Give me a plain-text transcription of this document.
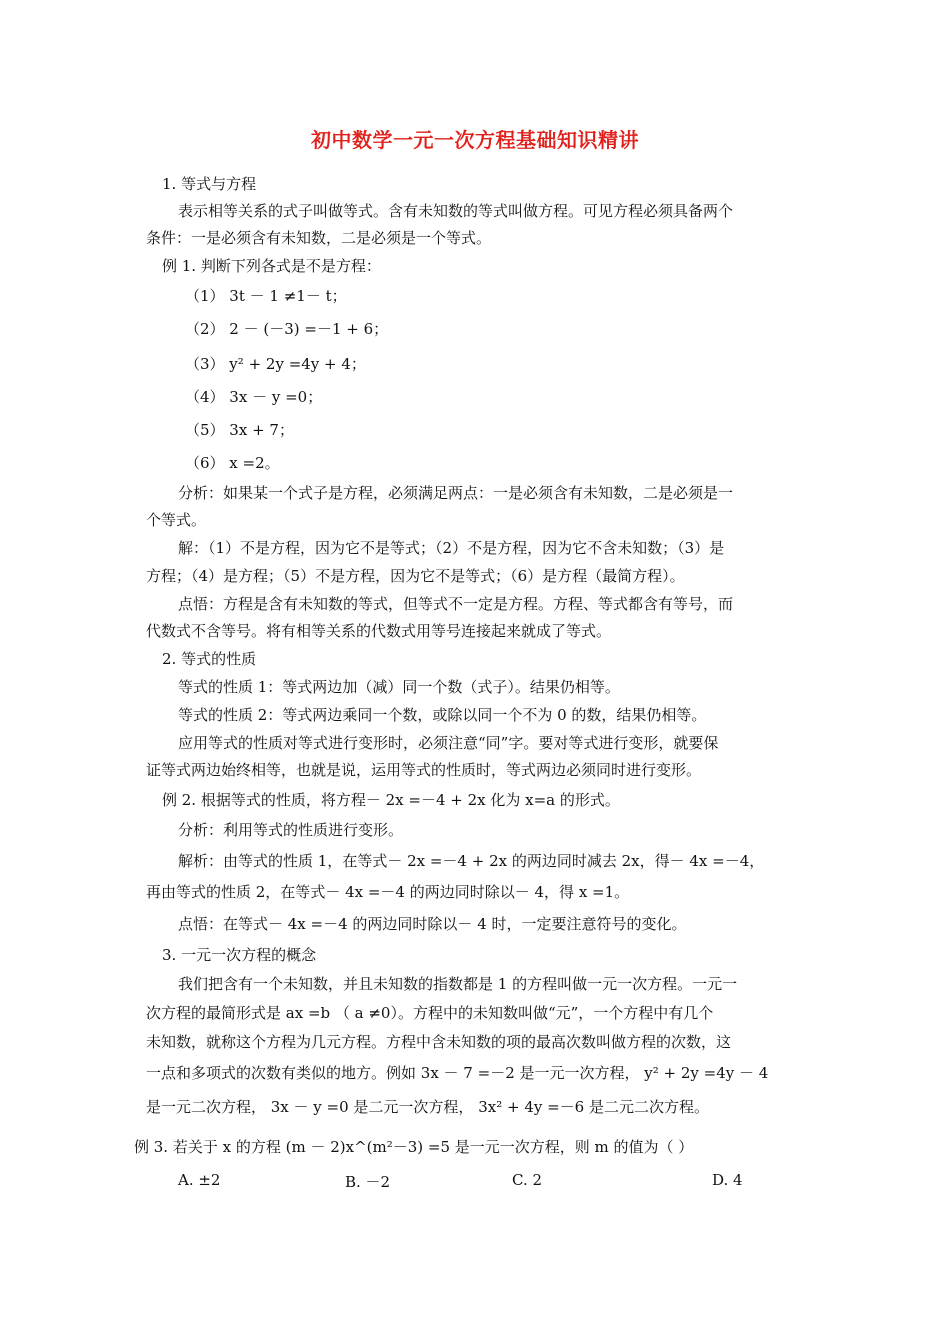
初中数学一元一次方程基础知识精讲
1. 等式与方程
表示相等关系的式子叫做等式。含有未知数的等式叫做方程。可见方程必须具备两个
条件：一是必须含有未知数，二是必须是一个等式。
例 1. 判断下列各式是不是方程：
（1） 3t － 1 ≠1－ t；
（2） 2 － (－3) =－1 + 6；
（3） y² + 2y =4y + 4；
（4） 3x － y =0；
（5） 3x + 7；
（6） x =2。
分析：如果某一个式子是方程，必须满足两点：一是必须含有未知数，二是必须是一
个等式。
解：（1）不是方程，因为它不是等式；（2）不是方程，因为它不含未知数；（3）是
方程；（4）是方程；（5）不是方程，因为它不是等式；（6）是方程（最简方程）。
点悟：方程是含有未知数的等式，但等式不一定是方程。方程、等式都含有等号，而
代数式不含等号。将有相等关系的代数式用等号连接起来就成了等式。
2. 等式的性质
等式的性质 1：等式两边加（减）同一个数（式子）。结果仍相等。
等式的性质 2：等式两边乘同一个数，或除以同一个不为 0 的数，结果仍相等。
应用等式的性质对等式进行变形时，必须注意“同”字。要对等式进行变形，就要保
证等式两边始终相等，也就是说，运用等式的性质时，等式两边必须同时进行变形。
例 2. 根据等式的性质，将方程－ 2x =－4 + 2x 化为 x=a 的形式。
分析：利用等式的性质进行变形。
解析：由等式的性质 1，在等式－ 2x =－4 + 2x 的两边同时减去 2x，得－ 4x =－4，
再由等式的性质 2，在等式－ 4x =－4 的两边同时除以－ 4，得 x =1。
点悟：在等式－ 4x =－4 的两边同时除以－ 4 时，一定要注意符号的变化。
3. 一元一次方程的概念
我们把含有一个未知数，并且未知数的指数都是 1 的方程叫做一元一次方程。一元一
次方程的最简形式是 ax =b （ a ≠0）。方程中的未知数叫做“元”，一个方程中有几个
未知数，就称这个方程为几元方程。方程中含未知数的项的最高次数叫做方程的次数，这
一点和多项式的次数有类似的地方。例如 3x － 7 =－2 是一元一次方程， y² + 2y =4y － 4
是一元二次方程， 3x － y =0 是二元一次方程， 3x² + 4y =－6 是二元二次方程。
例 3. 若关于 x 的方程 (m － 2)x^(m²－3) =5 是一元一次方程，则 m 的值为（ ）
A. ±2	B. －2	C. 2	D. 4
